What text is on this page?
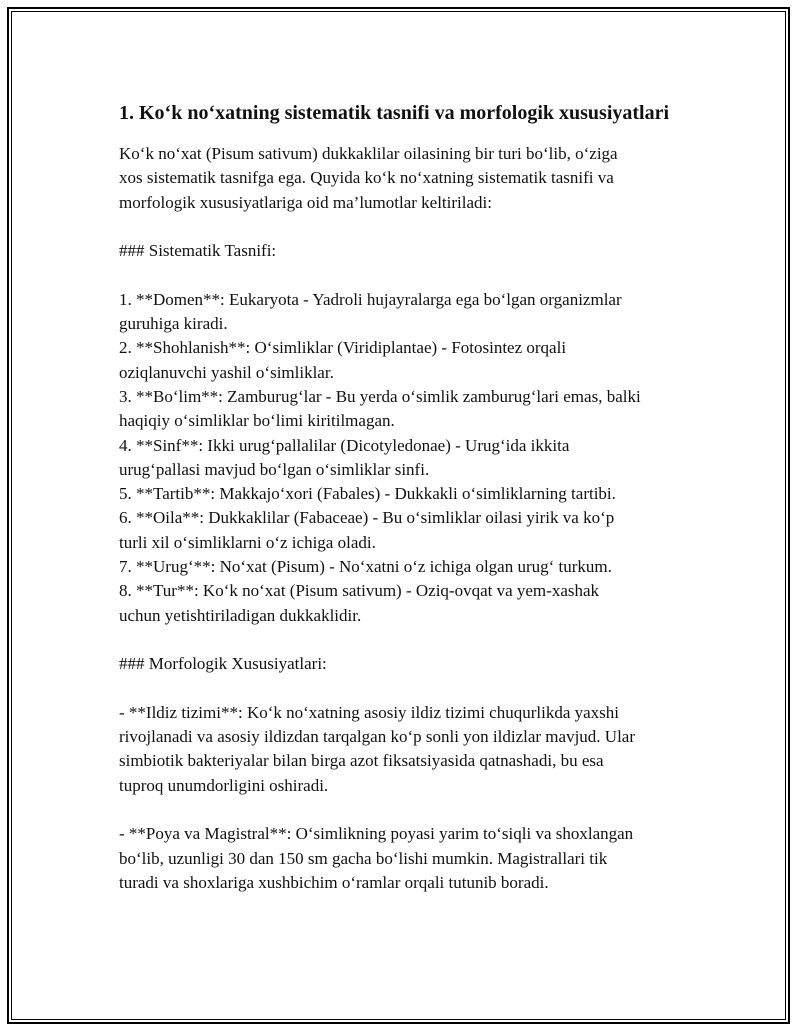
1. Ko‘k no‘xatning sistematik tasnifi va morfologik xususiyatlari

Ko‘k no‘xat (Pisum sativum) dukkaklilar oilasining bir turi bo‘lib, o‘ziga
xos sistematik tasnifga ega. Quyida ko‘k no‘xatning sistematik tasnifi va
morfologik xususiyatlariga oid ma’lumotlar keltiriladi:

### Sistematik Tasnifi:

1. **Domen**: Eukaryota - Yadroli hujayralarga ega bo‘lgan organizmlar
guruhiga kiradi.

2. **Shohlanish**: O‘simliklar (Viridiplantae) - Fotosintez orqali
oziqlanuvchi yashil o‘simliklar.

3. **Bo‘lim**: Zamburug‘lar - Bu yerda o‘simlik zamburug‘lari emas, balki
haqiqiy o‘simliklar bo‘limi kiritilmagan.

4. **Sinf**: Ikki urug‘pallalilar (Dicotyledonae) - Urug‘ida ikkita
urug‘pallasi mavjud bo‘lgan o‘simliklar sinfi.

5. **Tartib**: Makkajo‘xori (Fabales) - Dukkakli o‘simliklarning tartibi.

6. **Oila**: Dukkaklilar (Fabaceae) - Bu o‘simliklar oilasi yirik va ko‘p
turli xil o‘simliklarni o‘z ichiga oladi.

7. **Urug‘**: No‘xat (Pisum) - No‘xatni o‘z ichiga olgan urug‘ turkum.

8. **Tur**: Ko‘k no‘xat (Pisum sativum) - Oziq-ovqat va yem-xashak
uchun yetishtiriladigan dukkaklidir.

### Morfologik Xususiyatlari:

- **Ildiz tizimi**: Ko‘k no‘xatning asosiy ildiz tizimi chuqurlikda yaxshi
rivojlanadi va asosiy ildizdan tarqalgan ko‘p sonli yon ildizlar mavjud. Ular
simbiotik bakteriyalar bilan birga azot fiksatsiyasida qatnashadi, bu esa
tuproq unumdorligini oshiradi.

- **Poya va Magistral**: O‘simlikning poyasi yarim to‘siqli va shoxlangan
bo‘lib, uzunligi 30 dan 150 sm gacha bo‘lishi mumkin. Magistrallari tik
turadi va shoxlariga xushbichim o‘ramlar orqali tutunib boradi.
